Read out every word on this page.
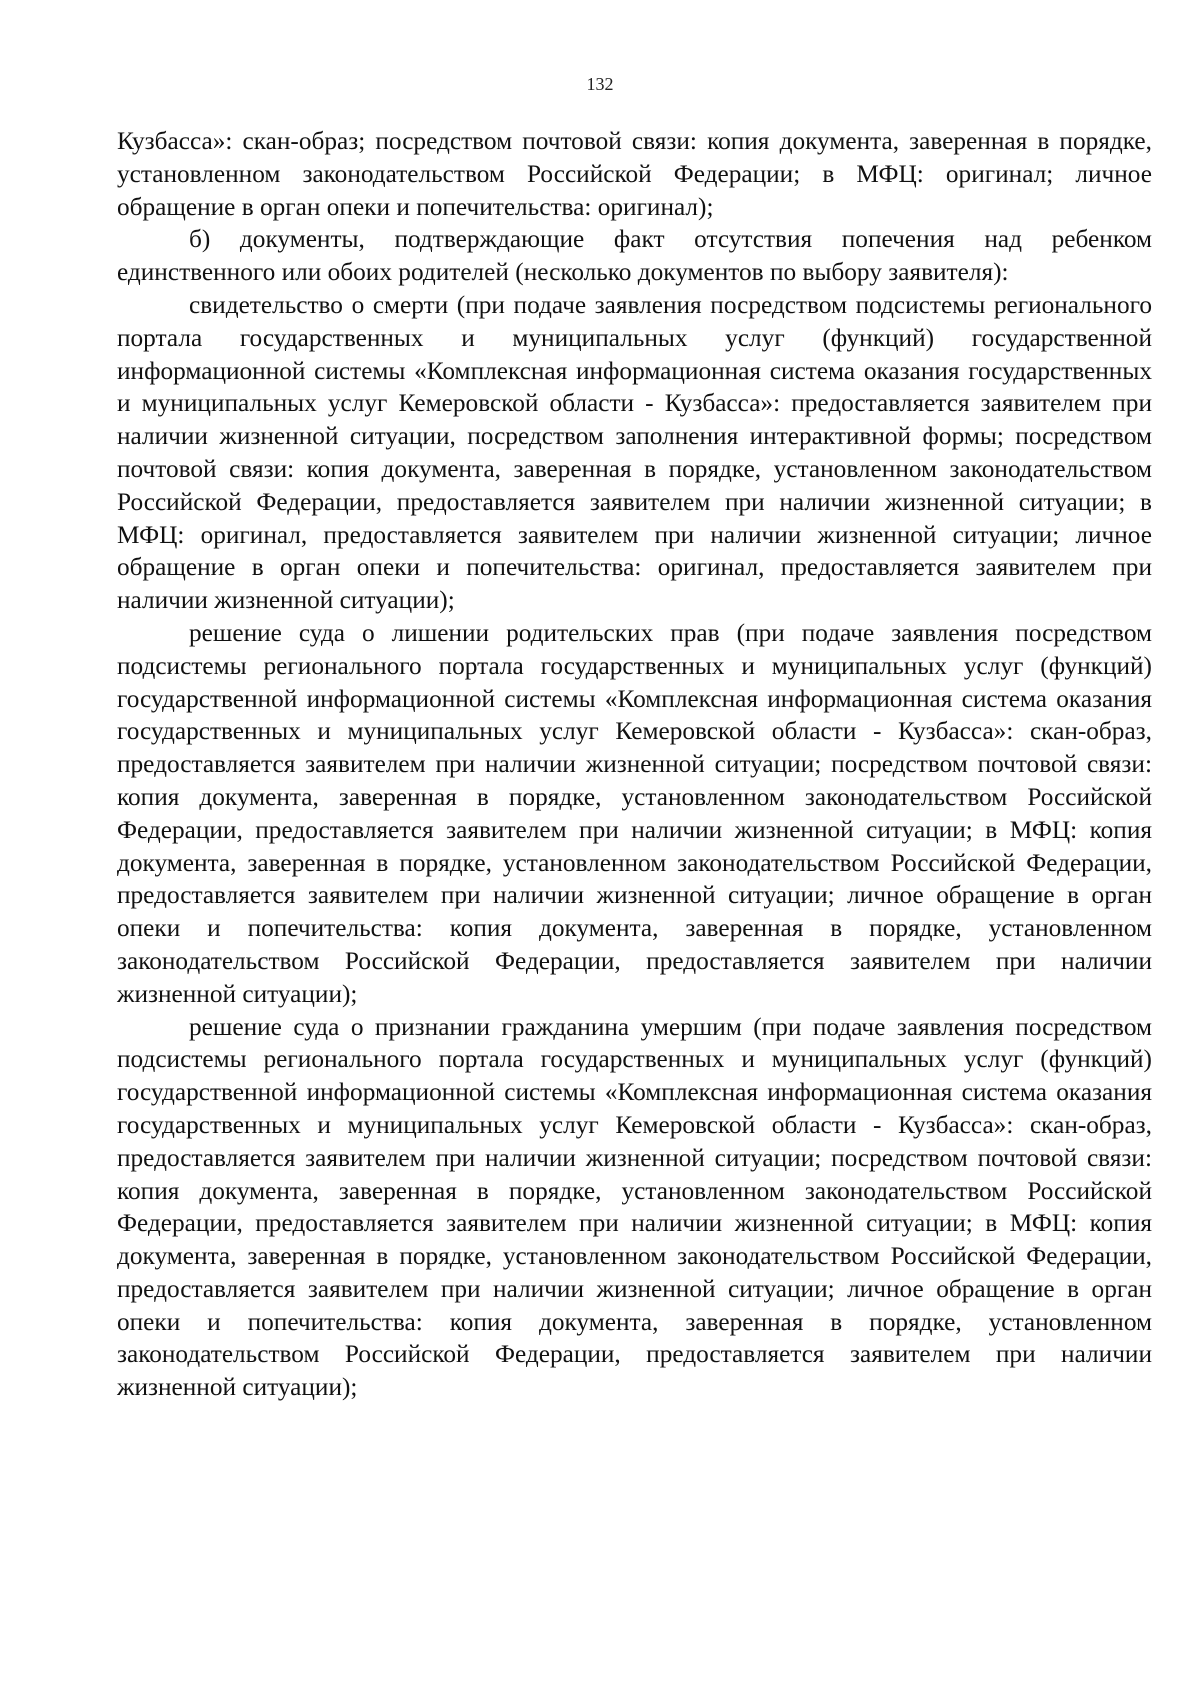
132

Кузбасса»: скан-образ; посредством почтовой связи: копия документа, заверенная в порядке, установленном законодательством Российской Федерации; в МФЦ: оригинал; личное обращение в орган опеки и попечительства: оригинал);

б) документы, подтверждающие факт отсутствия попечения над ребенком единственного или обоих родителей (несколько документов по выбору заявителя):

свидетельство о смерти (при подаче заявления посредством подсистемы регионального портала государственных и муниципальных услуг (функций) государственной информационной системы «Комплексная информационная система оказания государственных и муниципальных услуг Кемеровской области - Кузбасса»: предоставляется заявителем при наличии жизненной ситуации, посредством заполнения интерактивной формы; посредством почтовой связи: копия документа, заверенная в порядке, установленном законодательством Российской Федерации, предоставляется заявителем при наличии жизненной ситуации; в МФЦ: оригинал, предоставляется заявителем при наличии жизненной ситуации; личное обращение в орган опеки и попечительства: оригинал, предоставляется заявителем при наличии жизненной ситуации);

решение суда о лишении родительских прав (при подаче заявления посредством подсистемы регионального портала государственных и муниципальных услуг (функций) государственной информационной системы «Комплексная информационная система оказания государственных и муниципальных услуг Кемеровской области - Кузбасса»: скан-образ, предоставляется заявителем при наличии жизненной ситуации; посредством почтовой связи: копия документа, заверенная в порядке, установленном законодательством Российской Федерации, предоставляется заявителем при наличии жизненной ситуации; в МФЦ: копия документа, заверенная в порядке, установленном законодательством Российской Федерации, предоставляется заявителем при наличии жизненной ситуации; личное обращение в орган опеки и попечительства: копия документа, заверенная в порядке, установленном законодательством Российской Федерации, предоставляется заявителем при наличии жизненной ситуации);

решение суда о признании гражданина умершим (при подаче заявления посредством подсистемы регионального портала государственных и муниципальных услуг (функций) государственной информационной системы «Комплексная информационная система оказания государственных и муниципальных услуг Кемеровской области - Кузбасса»: скан-образ, предоставляется заявителем при наличии жизненной ситуации; посредством почтовой связи: копия документа, заверенная в порядке, установленном законодательством Российской Федерации, предоставляется заявителем при наличии жизненной ситуации; в МФЦ: копия документа, заверенная в порядке, установленном законодательством Российской Федерации, предоставляется заявителем при наличии жизненной ситуации; личное обращение в орган опеки и попечительства: копия документа, заверенная в порядке, установленном законодательством Российской Федерации, предоставляется заявителем при наличии жизненной ситуации);
